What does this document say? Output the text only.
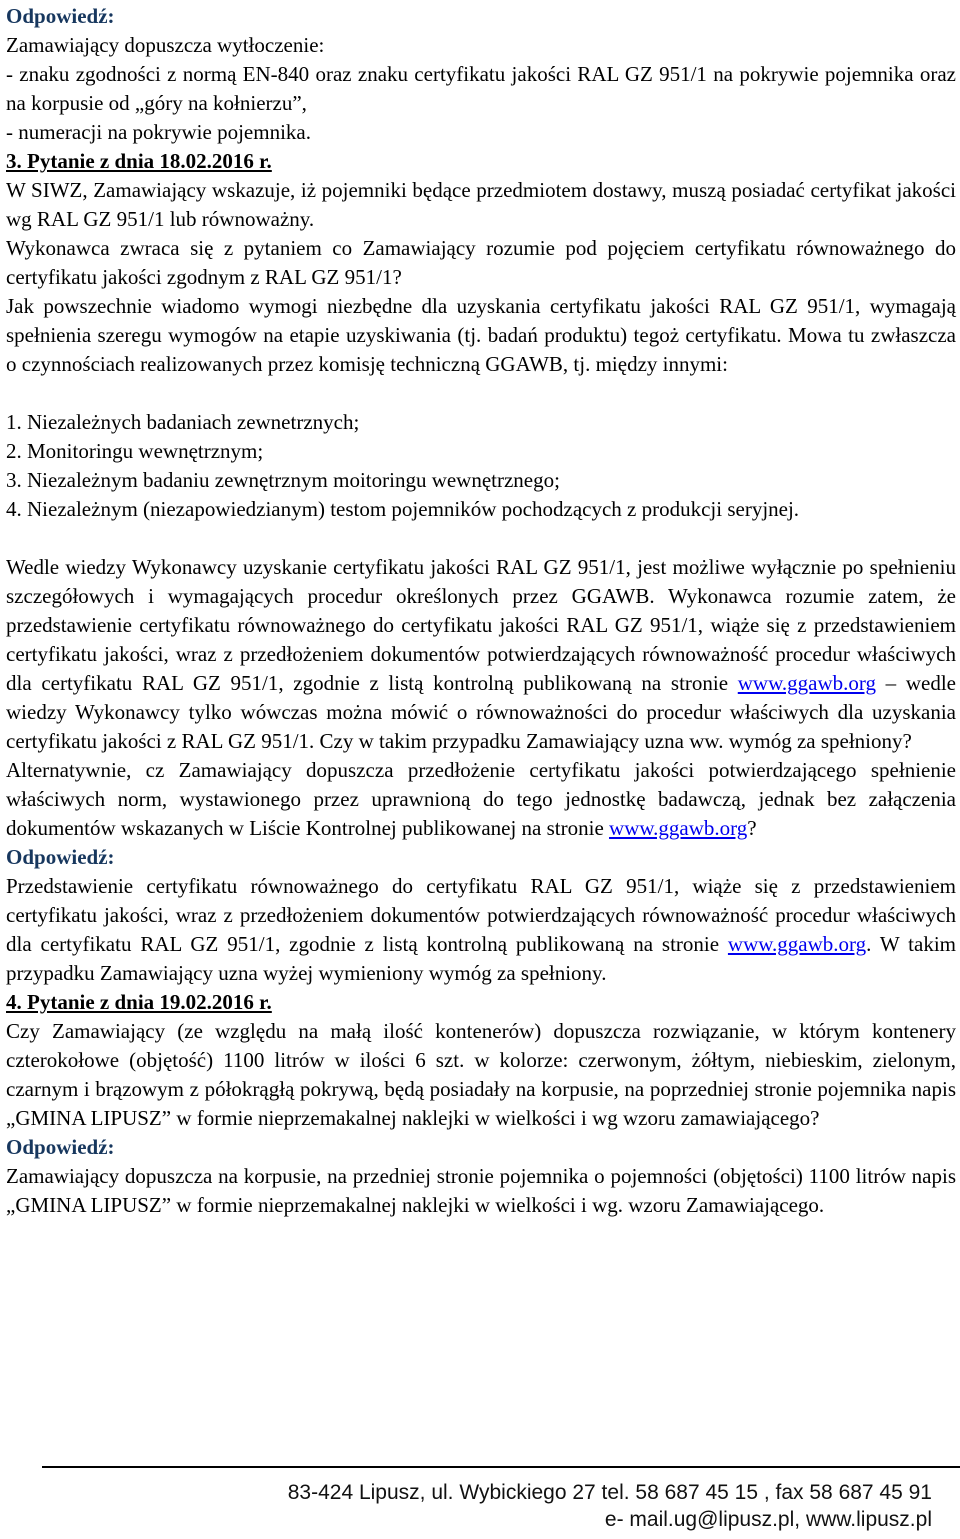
Odpowiedź:

Zamawiający dopuszcza wytłoczenie:

- znaku zgodności z normą EN-840 oraz znaku certyfikatu jakości RAL GZ 951/1 na pokrywie pojemnika oraz na korpusie od „góry na kołnierzu”,

- numeracji na pokrywie pojemnika.

3. Pytanie z dnia 18.02.2016 r.

W SIWZ, Zamawiający wskazuje, iż pojemniki będące przedmiotem dostawy, muszą posiadać certyfikat jakości wg RAL GZ 951/1 lub równoważny.

Wykonawca zwraca się z pytaniem co Zamawiający rozumie pod pojęciem certyfikatu równoważnego do certyfikatu jakości zgodnym z RAL GZ 951/1?

Jak powszechnie wiadomo wymogi niezbędne dla uzyskania certyfikatu jakości RAL GZ 951/1, wymagają spełnienia szeregu wymogów na etapie uzyskiwania (tj. badań produktu) tegoż certyfikatu. Mowa tu zwłaszcza o czynnościach realizowanych przez komisję techniczną GGAWB, tj. między innymi:

1. Niezależnych badaniach zewnetrznych;
2. Monitoringu wewnętrznym;
3. Niezależnym badaniu zewnętrznym moitoringu wewnętrznego;
4. Niezależnym (niezapowiedzianym) testom pojemników pochodzących z produkcji seryjnej.

Wedle wiedzy Wykonawcy uzyskanie certyfikatu jakości RAL GZ 951/1, jest możliwe wyłącznie po spełnieniu szczegółowych i wymagających procedur określonych przez GGAWB. Wykonawca rozumie zatem, że przedstawienie certyfikatu równoważnego do certyfikatu jakości RAL GZ 951/1, wiąże się z przedstawieniem certyfikatu jakości, wraz z przedłożeniem dokumentów potwierdzających równoważność procedur właściwych dla certyfikatu RAL GZ 951/1, zgodnie z listą kontrolną publikowaną na stronie www.ggawb.org – wedle wiedzy Wykonawcy tylko wówczas można mówić o równoważności do procedur właściwych dla uzyskania certyfikatu jakości z RAL GZ 951/1. Czy w takim przypadku Zamawiający uzna ww. wymóg za spełniony?

Alternatywnie, cz Zamawiający dopuszcza przedłożenie certyfikatu jakości potwierdzającego spełnienie właściwych norm, wystawionego przez uprawnioną do tego jednostkę badawczą, jednak bez załączenia dokumentów wskazanych w Liście Kontrolnej publikowanej na stronie www.ggawb.org?

Odpowiedź:

Przedstawienie certyfikatu równoważnego do certyfikatu RAL GZ 951/1, wiąże się z przedstawieniem certyfikatu jakości, wraz z przedłożeniem dokumentów potwierdzających równoważność procedur właściwych dla certyfikatu RAL GZ 951/1, zgodnie z listą kontrolną publikowaną na stronie www.ggawb.org. W takim przypadku Zamawiający uzna wyżej wymieniony wymóg za spełniony.

4. Pytanie z dnia 19.02.2016 r.

Czy Zamawiający (ze względu na małą ilość kontenerów) dopuszcza rozwiązanie, w którym kontenery czterokołowe (objętość) 1100 litrów w ilości 6 szt. w kolorze: czerwonym, żółtym, niebieskim, zielonym, czarnym i brązowym z półokrągłą pokrywą, będą posiadały na korpusie, na poprzedniej stronie pojemnika napis „GMINA LIPUSZ” w formie nieprzemakalnej naklejki w wielkości i wg wzoru zamawiającego?

Odpowiedź:

Zamawiający dopuszcza na korpusie, na przedniej stronie pojemnika o pojemności (objętości) 1100 litrów napis „GMINA LIPUSZ” w formie nieprzemakalnej naklejki w wielkości i wg. wzoru Zamawiającego.

83-424 Lipusz, ul. Wybickiego 27 tel. 58 687 45 15 , fax 58 687 45 91
e- mail.ug@lipusz.pl, www.lipusz.pl
